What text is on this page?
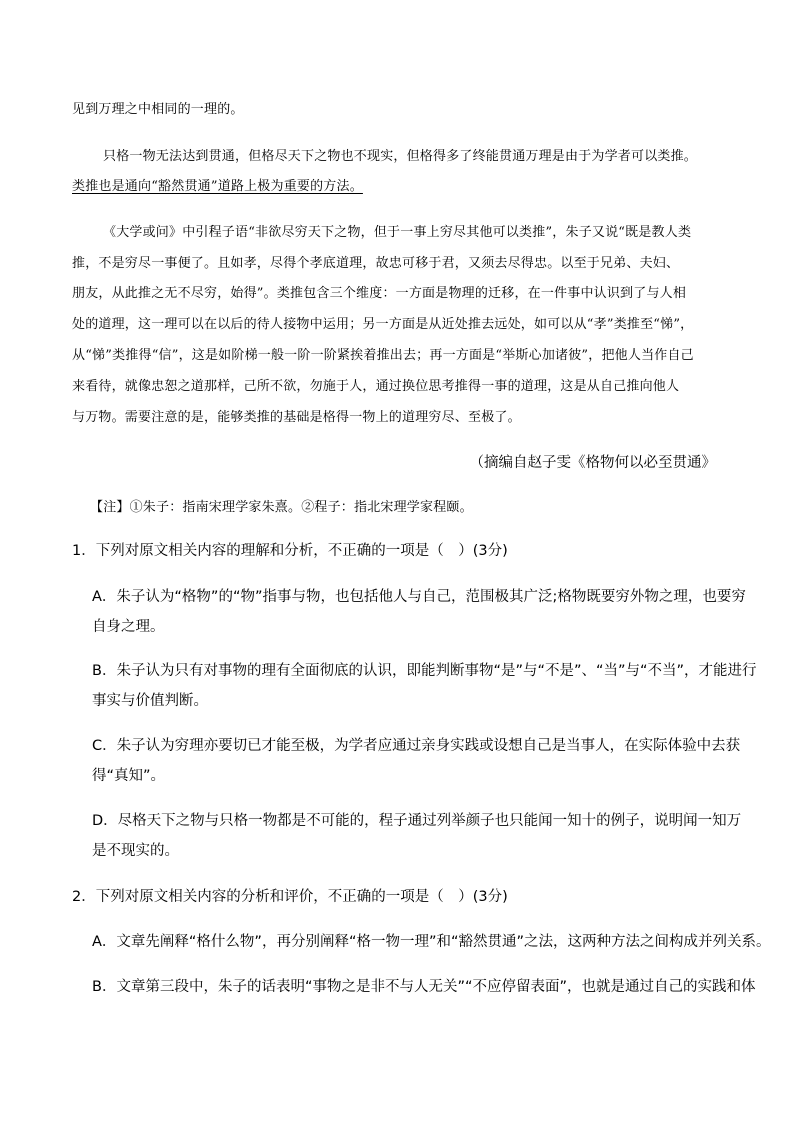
见到万理之中相同的一理的。
只格一物无法达到贯通，但格尽天下之物也不现实，但格得多了终能贯通万理是由于为学者可以类推。
类推也是通向“豁然贯通”道路上极为重要的方法。
《大学或问》中引程子语“非欲尽穷天下之物，但于一事上穷尽其他可以类推”，朱子又说“既是教人类
推，不是穷尽一事便了。且如孝，尽得个孝底道理，故忠可移于君，又须去尽得忠。以至于兄弟、夫妇、
朋友，从此推之无不尽穷，始得”。类推包含三个维度：一方面是物理的迁移，在一件事中认识到了与人相
处的道理，这一理可以在以后的待人接物中运用；另一方面是从近处推去远处，如可以从“孝”类推至“悌”，
从“悌”类推得“信”，这是如阶梯一般一阶一阶紧挨着推出去；再一方面是“举斯心加诸彼”，把他人当作自己
来看待，就像忠恕之道那样，己所不欲，勿施于人，通过换位思考推得一事的道理，这是从自己推向他人
与万物。需要注意的是，能够类推的基础是格得一物上的道理穷尽、至极了。
（摘编自赵子雯《格物何以必至贯通》
【注】①朱子：指南宋理学家朱熹。②程子：指北宋理学家程颐。
1．下列对原文相关内容的理解和分析，不正确的一项是（　）(3分)
A．朱子认为“格物”的“物”指事与物，也包括他人与自己，范围极其广泛;格物既要穷外物之理，也要穷
自身之理。
B．朱子认为只有对事物的理有全面彻底的认识，即能判断事物“是”与“不是”、“当”与“不当”，才能进行
事实与价值判断。
C．朱子认为穷理亦要切已才能至极，为学者应通过亲身实践或设想自己是当事人，在实际体验中去获
得“真知”。
D．尽格天下之物与只格一物都是不可能的，程子通过列举颜子也只能闻一知十的例子，说明闻一知万
是不现实的。
2．下列对原文相关内容的分析和评价，不正确的一项是（　）(3分)
A．文章先阐释“格什么物”，再分别阐释“格一物一理”和“豁然贯通”之法，这两种方法之间构成并列关系。
B．文章第三段中，朱子的话表明“事物之是非不与人无关”“不应停留表面”，也就是通过自己的实践和体
